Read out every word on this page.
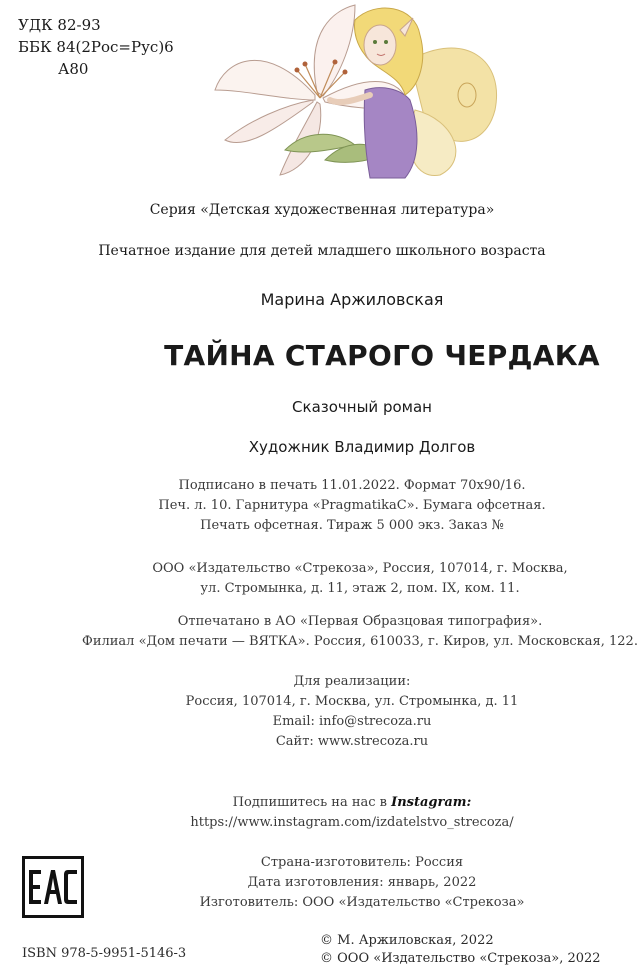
УДК 82-93
ББК 84(2Рос=Рус)6
А80
Серия «Детская художественная литература»
Печатное издание для детей младшего школьного возраста
Марина Аржиловская
ТАЙНА СТАРОГО ЧЕРДАКА
Сказочный роман
Художник Владимир Долгов
Подписано в печать 11.01.2022. Формат 70х90/16.
Печ. л. 10. Гарнитура «PragmatikaC». Бумага офсетная.
Печать офсетная. Тираж 5 000 экз. Заказ №
ООО «Издательство «Стрекоза», Россия, 107014, г. Москва,
ул. Стромынка, д. 11, этаж 2, пом. IX, ком. 11.
Отпечатано в АО «Первая Образцовая типография».
Филиал «Дом печати — ВЯТКА». Россия, 610033, г. Киров, ул. Московская, 122.
Для реализации:
Россия, 107014, г. Москва, ул. Стромынка, д. 11
Email: info@strecoza.ru
Сайт: www.strecoza.ru
Подпишитесь на нас в Instagram:
https://www.instagram.com/izdatelstvo_strecoza/
Страна-изготовитель: Россия
Дата изготовления: январь, 2022
Изготовитель: ООО «Издательство «Стрекоза»
ISBN 978-5-9951-5146-3
© М. Аржиловская, 2022
© ООО «Издательство «Стрекоза», 2022
